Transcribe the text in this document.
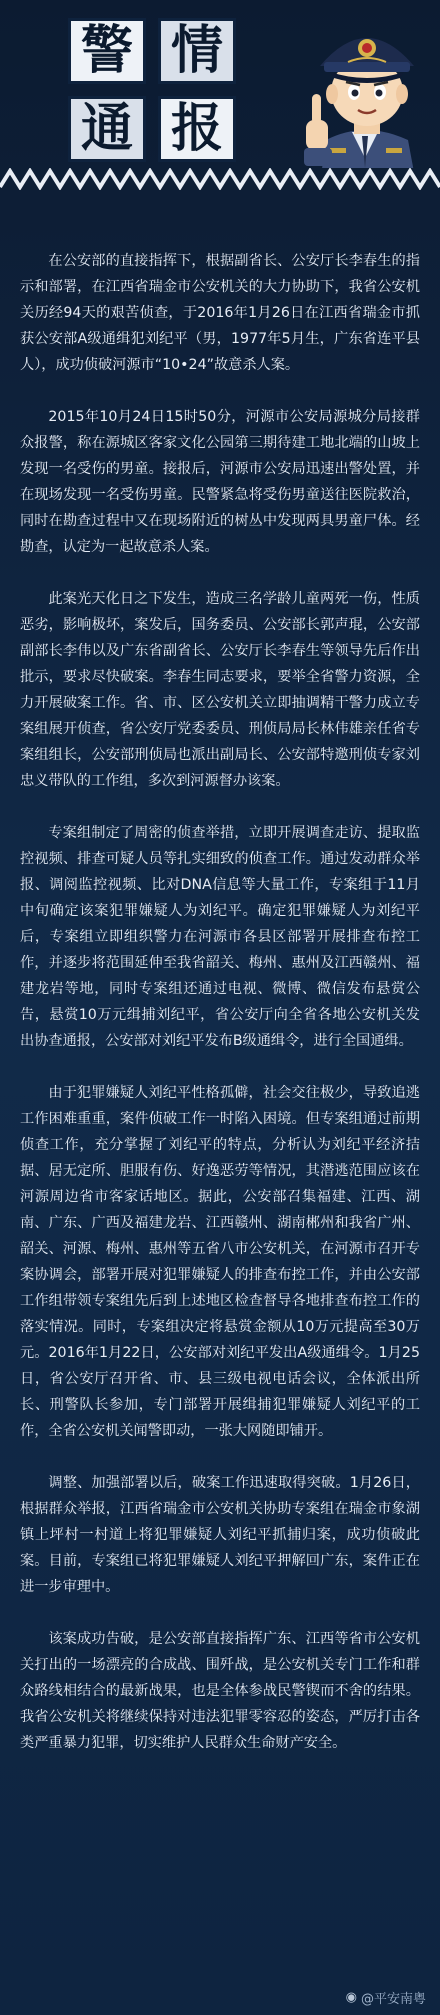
警 情
通 报

在公安部的直接指挥下，根据副省长、公安厅长李春生的指示和部署，在江西省瑞金市公安机关的大力协助下，我省公安机关历经94天的艰苦侦查，于2016年1月26日在江西省瑞金市抓获公安部A级通缉犯刘纪平（男，1977年5月生，广东省连平县人），成功侦破河源市“10•24”故意杀人案。

2015年10月24日15时50分，河源市公安局源城分局接群众报警，称在源城区客家文化公园第三期待建工地北端的山坡上发现一名受伤的男童。接报后，河源市公安局迅速出警处置，并在现场发现一名受伤男童。民警紧急将受伤男童送往医院救治，同时在勘查过程中又在现场附近的树丛中发现两具男童尸体。经勘查，认定为一起故意杀人案。

此案光天化日之下发生，造成三名学龄儿童两死一伤，性质恶劣，影响极坏，案发后，国务委员、公安部长郭声琨，公安部副部长李伟以及广东省副省长、公安厅长李春生等领导先后作出批示，要求尽快破案。李春生同志要求，要举全省警力资源，全力开展破案工作。省、市、区公安机关立即抽调精干警力成立专案组展开侦查，省公安厅党委委员、刑侦局局长林伟雄亲任省专案组组长，公安部刑侦局也派出副局长、公安部特邀刑侦专家刘忠义带队的工作组，多次到河源督办该案。

专案组制定了周密的侦查举措，立即开展调查走访、提取监控视频、排查可疑人员等扎实细致的侦查工作。通过发动群众举报、调阅监控视频、比对DNA信息等大量工作，专案组于11月中旬确定该案犯罪嫌疑人为刘纪平。确定犯罪嫌疑人为刘纪平后，专案组立即组织警力在河源市各县区部署开展排查布控工作，并逐步将范围延伸至我省韶关、梅州、惠州及江西赣州、福建龙岩等地，同时专案组还通过电视、微博、微信发布悬赏公告，悬赏10万元缉捕刘纪平，省公安厅向全省各地公安机关发出协查通报，公安部对刘纪平发布B级通缉令，进行全国通缉。

由于犯罪嫌疑人刘纪平性格孤僻，社会交往极少，导致追逃工作困难重重，案件侦破工作一时陷入困境。但专案组通过前期侦查工作，充分掌握了刘纪平的特点，分析认为刘纪平经济拮据、居无定所、胆服有伤、好逸恶劳等情况，其潜逃范围应该在河源周边省市客家话地区。据此，公安部召集福建、江西、湖南、广东、广西及福建龙岩、江西赣州、湖南郴州和我省广州、韶关、河源、梅州、惠州等五省八市公安机关，在河源市召开专案协调会，部署开展对犯罪嫌疑人的排查布控工作，并由公安部工作组带领专案组先后到上述地区检查督导各地排查布控工作的落实情况。同时，专案组决定将悬赏金额从10万元提高至30万元。2016年1月22日，公安部对刘纪平发出A级通缉令。1月25日，省公安厅召开省、市、县三级电视电话会议，全体派出所长、刑警队长参加，专门部署开展缉捕犯罪嫌疑人刘纪平的工作，全省公安机关闻警即动，一张大网随即铺开。

调整、加强部署以后，破案工作迅速取得突破。1月26日，根据群众举报，江西省瑞金市公安机关协助专案组在瑞金市象湖镇上坪村一村道上将犯罪嫌疑人刘纪平抓捕归案，成功侦破此案。目前，专案组已将犯罪嫌疑人刘纪平押解回广东，案件正在进一步审理中。

该案成功告破，是公安部直接指挥广东、江西等省市公安机关打出的一场漂亮的合成战、围歼战，是公安机关专门工作和群众路线相结合的最新战果，也是全体参战民警锲而不舍的结果。我省公安机关将继续保持对违法犯罪零容忍的姿态，严厉打击各类严重暴力犯罪，切实维护人民群众生命财产安全。

◉ @平安南粤
